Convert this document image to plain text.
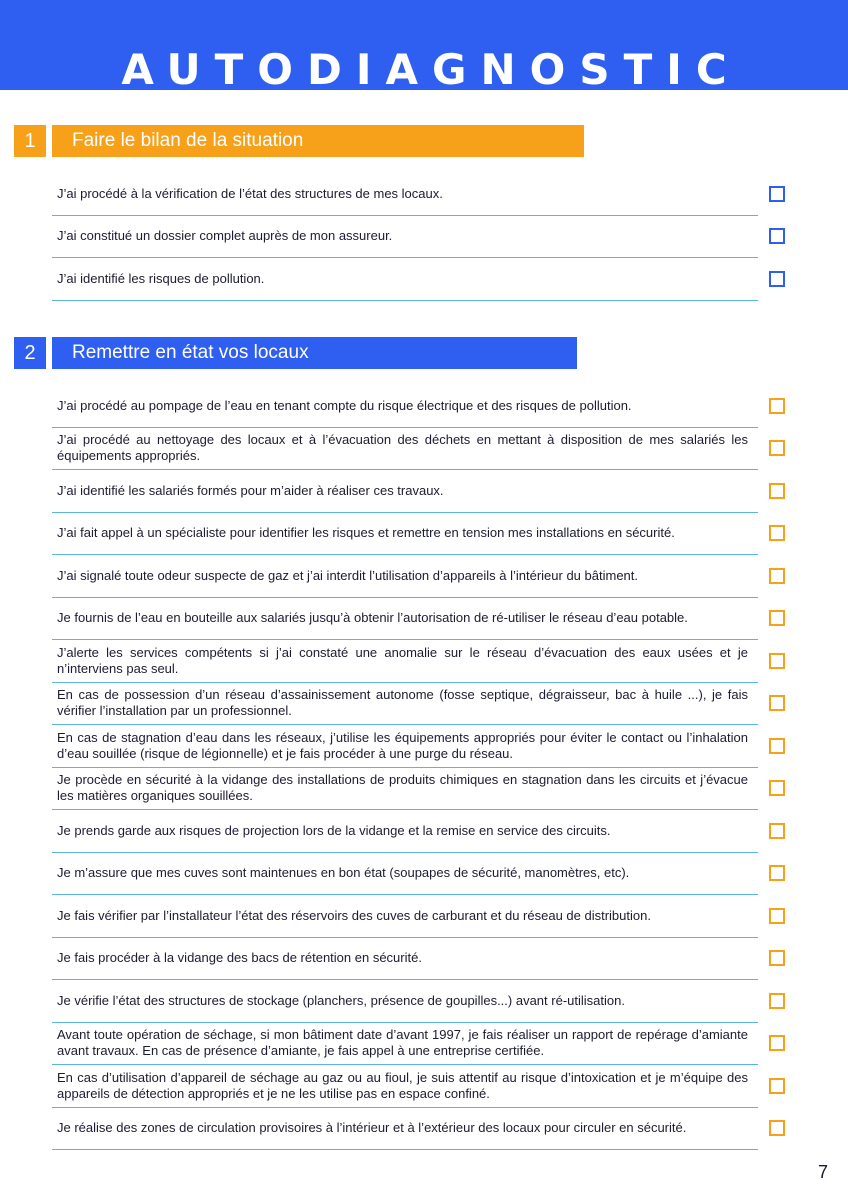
AUTODIAGNOSTIC
1	Faire le bilan de la situation
J’ai procédé à la vérification de l’état des structures de mes locaux.
J’ai constitué un dossier complet auprès de mon assureur.
J’ai identifié les risques de pollution.
2	Remettre en état vos locaux
J’ai procédé au pompage de l’eau en tenant compte du risque électrique et des risques de pollution.
J’ai procédé au nettoyage des locaux et à l’évacuation des déchets en mettant à disposition de mes salariés les équipements appropriés.
J’ai identifié les salariés formés pour m’aider à réaliser ces travaux.
J’ai fait appel à un spécialiste pour identifier les risques et remettre en tension mes installations en sécurité.
J’ai signalé toute odeur suspecte de gaz et j’ai interdit l’utilisation d’appareils à l’intérieur du bâtiment.
Je fournis de l’eau en bouteille aux salariés jusqu’à obtenir l’autorisation de ré-utiliser le réseau d’eau potable.
J’alerte les services compétents si j’ai constaté une anomalie sur le réseau d’évacuation des eaux usées et je n’interviens pas seul.
En cas de possession d’un réseau d’assainissement autonome (fosse septique, dégraisseur, bac à huile ...), je fais vérifier l’installation par un professionnel.
En cas de stagnation d’eau dans les réseaux, j’utilise les équipements appropriés pour éviter le contact ou l’inhalation d’eau souillée (risque de légionnelle) et je fais procéder à une purge du réseau.
Je procède en sécurité à la vidange des installations de produits chimiques en stagnation dans les circuits et j’évacue les matières organiques souillées.
Je prends garde aux risques de projection lors de la vidange et la remise en service des circuits.
Je m’assure que mes cuves sont maintenues en bon état (soupapes de sécurité, manomètres, etc).
Je fais vérifier par l’installateur l’état des réservoirs des cuves de carburant et du réseau de distribution.
Je fais procéder à la vidange des bacs de rétention en sécurité.
Je vérifie l’état des structures de stockage (planchers, présence de goupilles...) avant ré-utilisation.
Avant toute opération de séchage, si mon bâtiment date d’avant 1997, je fais réaliser un rapport de repérage d’amiante avant travaux. En cas de présence d’amiante, je fais appel à une entreprise certifiée.
En cas d’utilisation d’appareil de séchage au gaz ou au fioul, je suis attentif au risque d’intoxication et je m’équipe des appareils de détection appropriés et je ne les utilise pas en espace confiné.
Je réalise des zones de circulation provisoires à l’intérieur et à l’extérieur des locaux pour circuler en sécurité.
7
